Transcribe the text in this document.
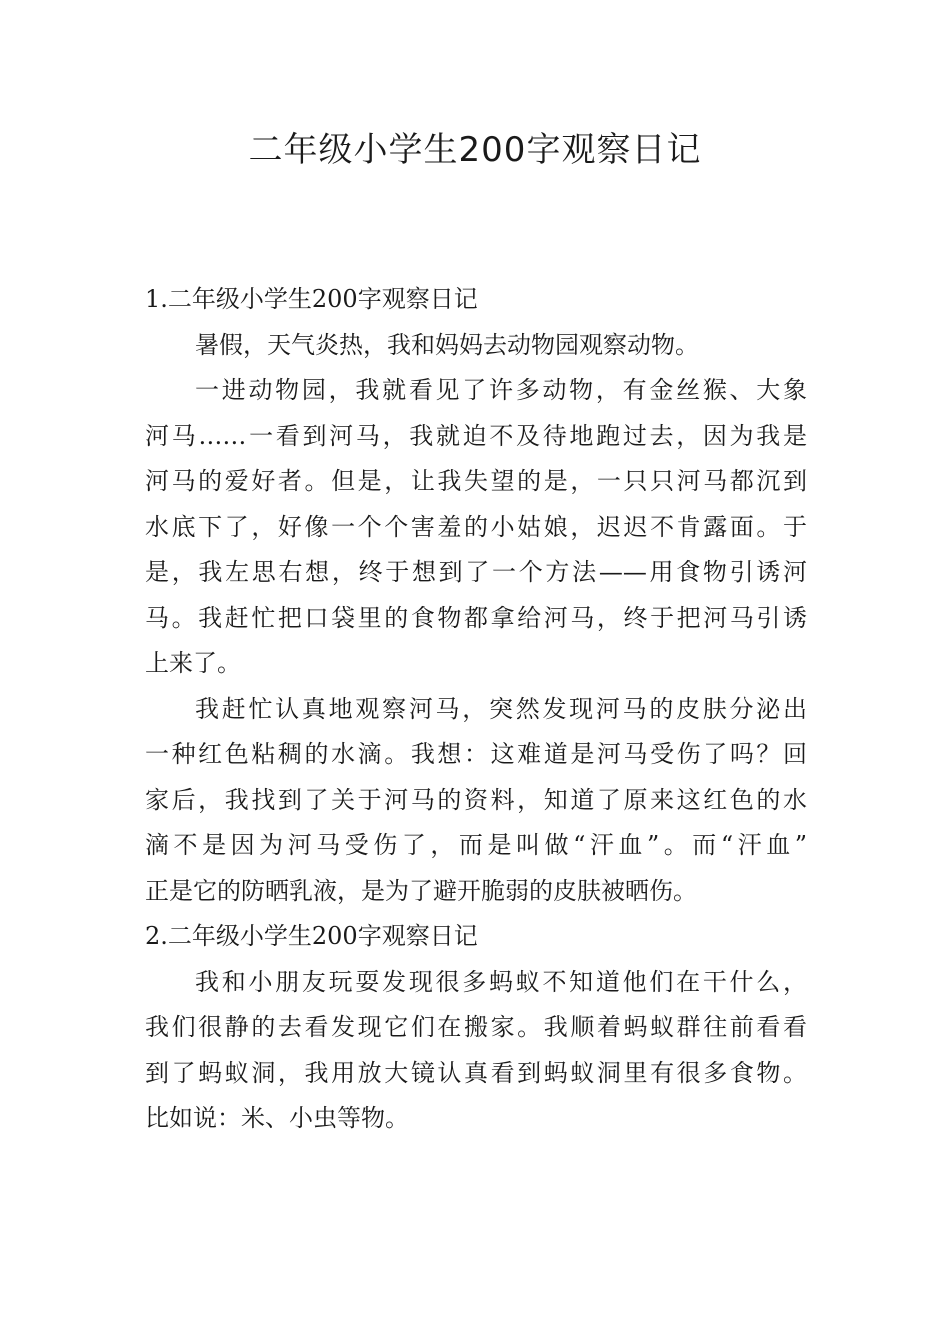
二年级小学生200字观察日记
1.二年级小学生200字观察日记
暑假，天气炎热，我和妈妈去动物园观察动物。
一进动物园，我就看见了许多动物，有金丝猴、大象
河马……一看到河马，我就迫不及待地跑过去，因为我是
河马的爱好者。但是，让我失望的是，一只只河马都沉到
水底下了，好像一个个害羞的小姑娘，迟迟不肯露面。于
是，我左思右想，终于想到了一个方法——用食物引诱河
马。我赶忙把口袋里的食物都拿给河马，终于把河马引诱
上来了。
我赶忙认真地观察河马，突然发现河马的皮肤分泌出
一种红色粘稠的水滴。我想：这难道是河马受伤了吗？回
家后，我找到了关于河马的资料，知道了原来这红色的水
滴不是因为河马受伤了，而是叫做“汗血”。而“汗血”
正是它的防晒乳液，是为了避开脆弱的皮肤被晒伤。
2.二年级小学生200字观察日记
我和小朋友玩耍发现很多蚂蚁不知道他们在干什么，
我们很静的去看发现它们在搬家。我顺着蚂蚁群往前看看
到了蚂蚁洞，我用放大镜认真看到蚂蚁洞里有很多食物。
比如说：米、小虫等物。
